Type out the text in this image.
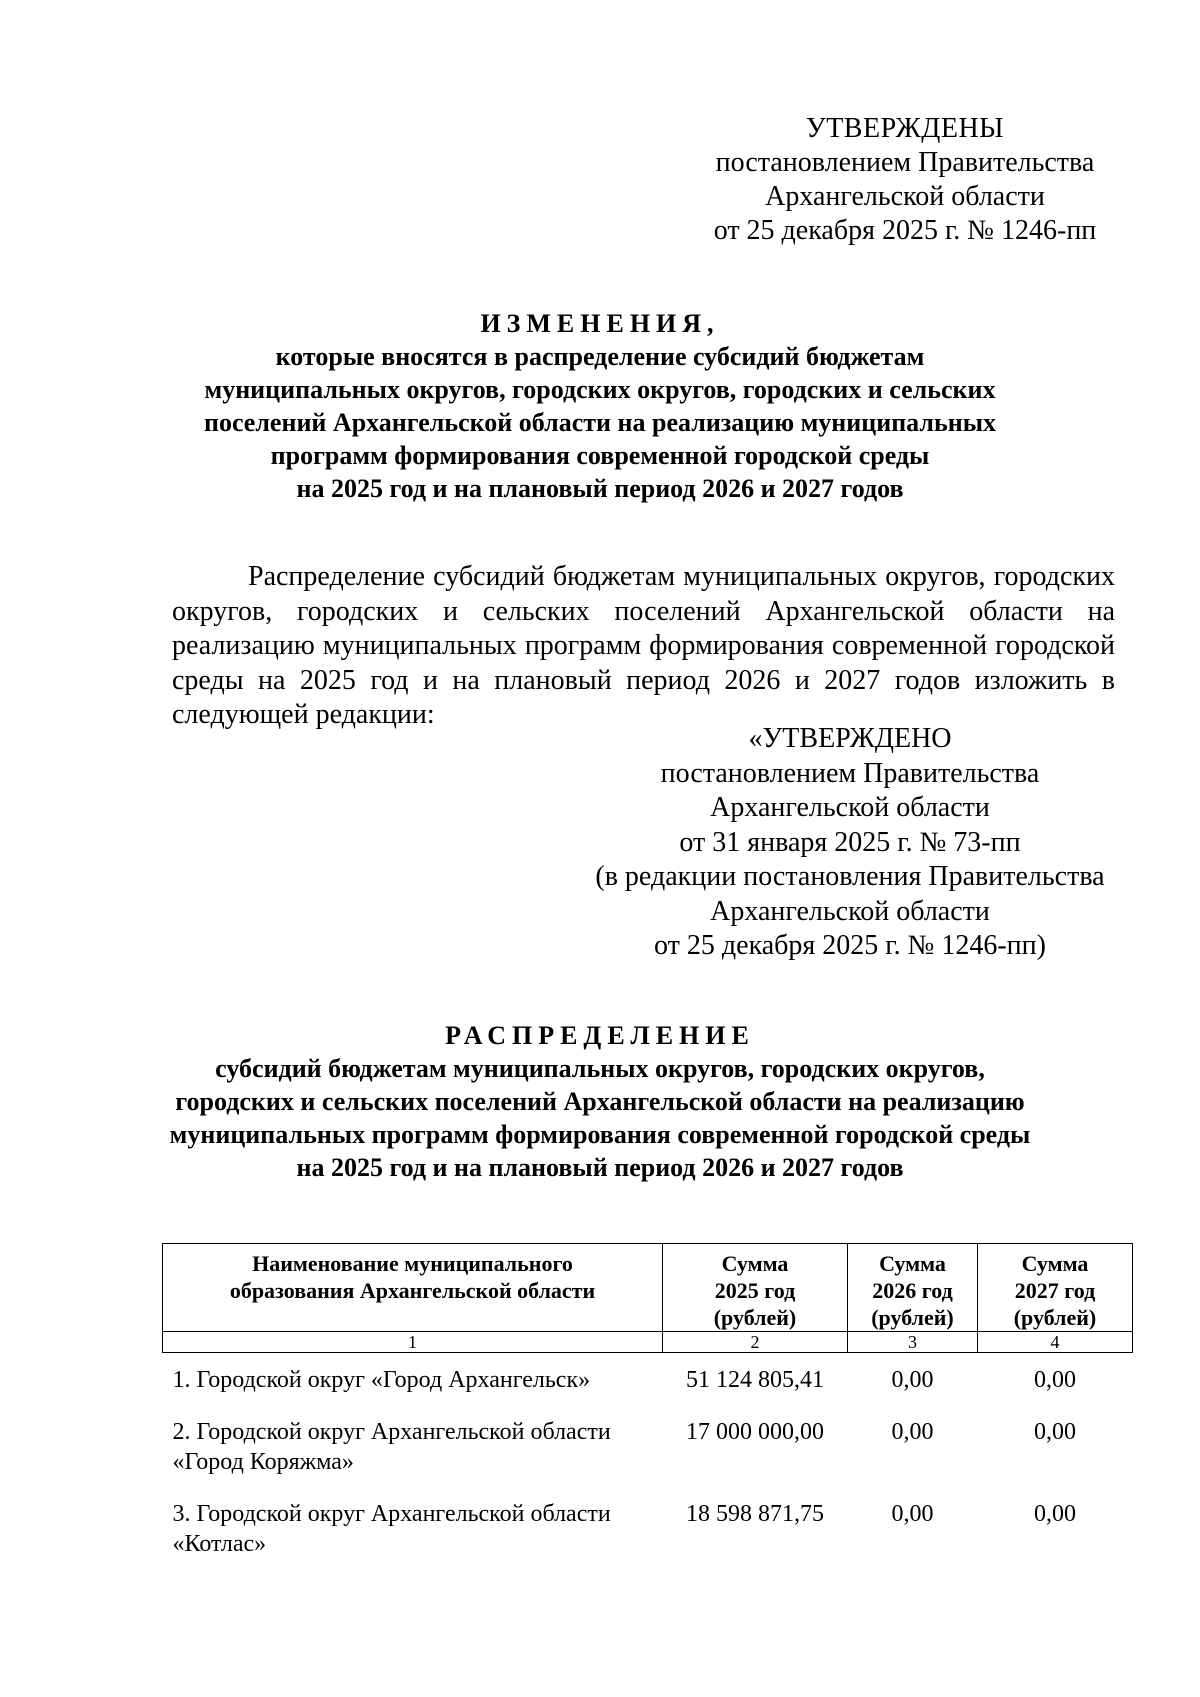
УТВЕРЖДЕНЫ
постановлением Правительства
Архангельской области
от 25 декабря 2025 г. № 1246-пп
ИЗМЕНЕНИЯ,
которые вносятся в распределение субсидий бюджетам
муниципальных округов, городских округов, городских и сельских
поселений Архангельской области на реализацию муниципальных
программ формирования современной городской среды
на 2025 год и на плановый период 2026 и 2027 годов

Распределение субсидий бюджетам муниципальных округов, городских округов, городских и сельских поселений Архангельской области на реализацию муниципальных программ формирования современной городской среды на 2025 год и на плановый период 2026 и 2027 годов изложить в следующей редакции:

«УТВЕРЖДЕНО
постановлением Правительства
Архангельской области
от 31 января 2025 г. № 73-пп
(в редакции постановления Правительства
Архангельской области
от 25 декабря 2025 г. № 1246-пп)
РАСПРЕДЕЛЕНИЕ
субсидий бюджетам муниципальных округов, городских округов,
городских и сельских поселений Архангельской области на реализацию
муниципальных программ формирования современной городской среды
на 2025 год и на плановый период 2026 и 2027 годов
Наименование муниципального
образования Архангельской области	Сумма
2025 год
(рублей)	Сумма
2026 год
(рублей)	Сумма
2027 год
(рублей)
1	2	3	4
1. Городской округ «Город Архангельск»	51 124 805,41	0,00	0,00
2. Городской округ Архангельской области
«Город Коряжма»	17 000 000,00	0,00	0,00
3. Городской округ Архангельской области
«Котлас»	18 598 871,75	0,00	0,00
